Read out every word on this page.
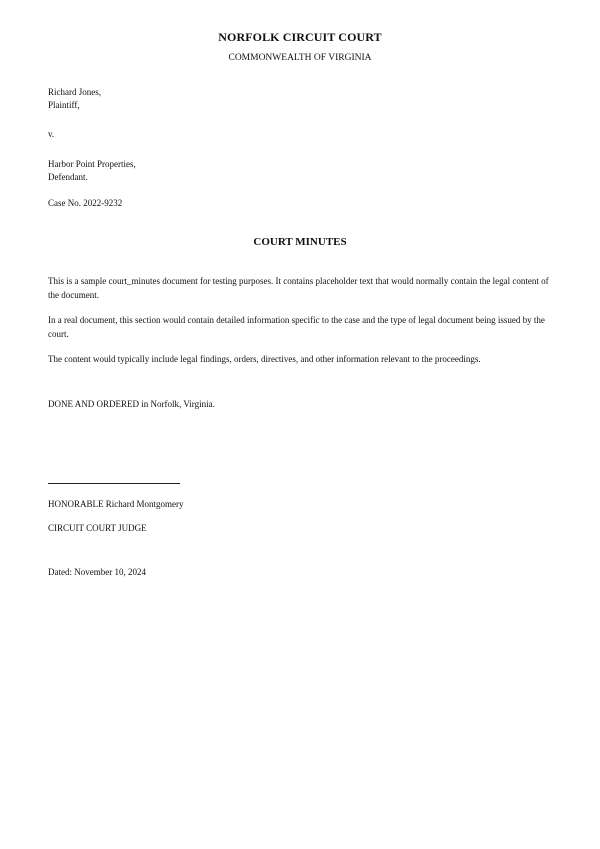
NORFOLK CIRCUIT COURT
COMMONWEALTH OF VIRGINIA
Richard Jones,
Plaintiff,
v.
Harbor Point Properties,
Defendant.
Case No. 2022-9232
COURT MINUTES
This is a sample court_minutes document for testing purposes. It contains placeholder text that would normally contain the legal content of the document.
In a real document, this section would contain detailed information specific to the case and the type of legal document being issued by the court.
The content would typically include legal findings, orders, directives, and other information relevant to the proceedings.
DONE AND ORDERED in Norfolk, Virginia.
HONORABLE Richard Montgomery
CIRCUIT COURT JUDGE
Dated: November 10, 2024
